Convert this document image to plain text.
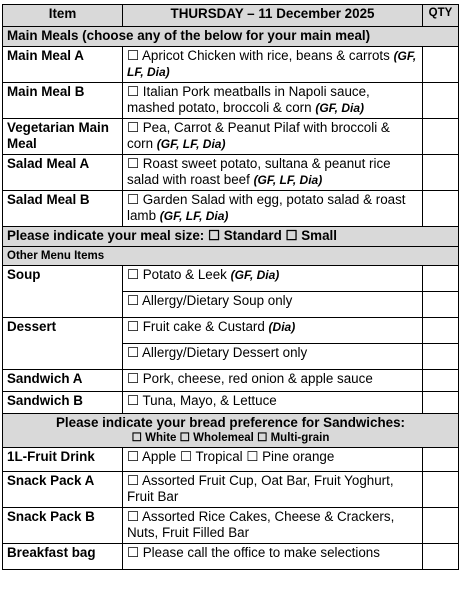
Item	THURSDAY – 11 December 2025	QTY
Main Meals (choose any of the below for your main meal)		
Main Meal A	☐ Apricot Chicken with rice, beans & carrots (GF, LF, Dia)	
Main Meal B	☐ Italian Pork meatballs in Napoli sauce, mashed potato, broccoli & corn (GF, Dia)	
Vegetarian Main Meal	☐ Pea, Carrot & Peanut Pilaf with broccoli & corn (GF, LF, Dia)	
Salad Meal A	☐ Roast sweet potato, sultana & peanut rice salad with roast beef (GF, LF, Dia)	
Salad Meal B	☐ Garden Salad with egg, potato salad & roast lamb (GF, LF, Dia)	
Please indicate your meal size: ☐ Standard ☐ Small		
Other Menu Items		
Soup	☐ Potato & Leek (GF, Dia)	
	☐ Allergy/Dietary Soup only	
Dessert	☐ Fruit cake & Custard (Dia)	
	☐ Allergy/Dietary Dessert only	
Sandwich A	☐ Pork, cheese, red onion & apple sauce	
Sandwich B	☐ Tuna, Mayo, & Lettuce	
Please indicate your bread preference for Sandwiches:
☐ White ☐ Wholemeal ☐ Multi-grain		

1L-Fruit Drink	☐ Apple ☐ Tropical ☐ Pine orange	
Snack Pack A	☐ Assorted Fruit Cup, Oat Bar, Fruit Yoghurt, Fruit Bar	
Snack Pack B	☐ Assorted Rice Cakes, Cheese & Crackers, Nuts, Fruit Filled Bar	
Breakfast bag	☐ Please call the office to make selections	
